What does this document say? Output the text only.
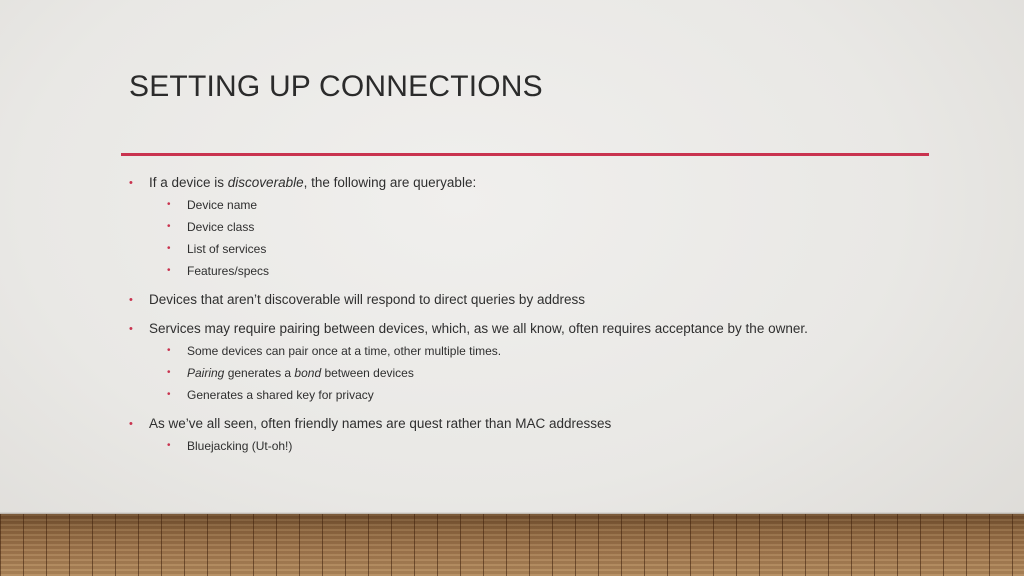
SETTING UP CONNECTIONS
• If a device is discoverable, the following are queryable:
• Device name
• Device class
• List of services
• Features/specs
• Devices that aren’t discoverable will respond to direct queries by address
• Services may require pairing between devices, which, as we all know, often requires acceptance by the owner.
• Some devices can pair once at a time, other multiple times.
• Pairing generates a bond between devices
• Generates a shared key for privacy
• As we’ve all seen, often friendly names are quest rather than MAC addresses
• Bluejacking (Ut-oh!)
